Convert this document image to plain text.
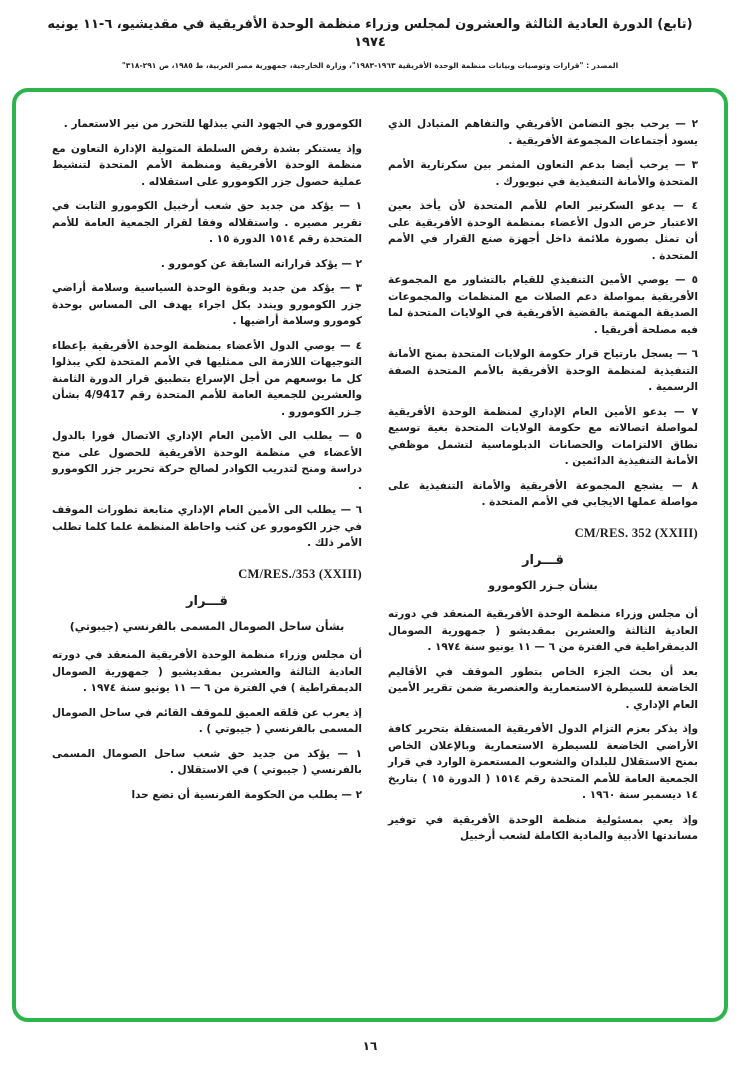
(تابع) الدورة العادية الثالثة والعشرون لمجلس وزراء منظمة الوحدة الأفريقية في مقديشيو، ٦-١١ يونيه ١٩٧٤
المصدر : "قرارات وتوصيات وبيانات منظمة الوحدة الأفريقية ١٩٦٣-١٩٨٣"، وزارة الخارجية، جمهورية مصر العربية، ط ١٩٨٥، ص ٢٩١-٣١٨"

٢ — يرحب بجو التضامن الأفريقي والتفاهم المتبادل الذي يسود أجتماعات المجموعة الأفريقية .

٣ — يرحب أيضا بدعم التعاون المثمر بين سكرتارية الأمم المتحدة والأمانة التنفيذية في نيويورك .

٤ — يدعو السكرتير العام للأمم المتحدة لأن يأخذ بعين الاعتبار حرص الدول الأعضاء بمنظمة الوحدة الأفريقية على أن تمثل بصورة ملائمة داخل أجهزة صنع القرار في الأمم المتحدة .

٥ — يوصي الأمين التنفيذي للقيام بالتشاور مع المجموعة الأفريقية بمواصلة دعم الصلات مع المنظمات والمجموعات الصديقة المهتمة بالقضية الأفريقية في الولايات المتحدة لما فيه مصلحة أفريقيا .

٦ — يسجل بارتياح قرار حكومة الولايات المتحدة بمنح الأمانة التنفيذية لمنظمة الوحدة الأفريقية بالأمم المتحدة الصفة الرسمية .

٧ — يدعو الأمين العام الإداري لمنظمة الوحدة الأفريقية لمواصلة اتصالاته مع حكومة الولايات المتحدة بغية توسيع نطاق الالتزامات والحصانات الدبلوماسية لتشمل موظفي الأمانة التنفيذية الدائمين .

٨ — يشجع المجموعة الأفريقية والأمانة التنفيذية على مواصلة عملها الايجابي في الأمم المتحدة .

CM/RES. 352 (XXIII)
قـــرار
بشأن جـزر الكومورو

أن مجلس وزراء منظمة الوحدة الأفريقية المنعقد في دورته العادية الثالثة والعشرين بمقديشو ( جمهورية الصومال الديمقراطية في الفترة من ٦ — ١١ يونيو سنة ١٩٧٤ .

بعد أن بحث الجزء الخاص بتطور الموقف في الأقاليم الخاضعة للسيطرة الاستعمارية والعنصرية ضمن تقرير الأمين العام الإداري .

وإذ يذكر بعزم التزام الدول الأفريقية المستقلة بتحرير كافة الأراضي الخاضعة للسيطرة الاستعمارية وبالإعلان الخاص بمنح الاستقلال للبلدان والشعوب المستعمرة الوارد في قرار الجمعية العامة للأمم المتحدة رقم ١٥١٤ ( الدورة ١٥ ) بتاريخ ١٤ ديسمبر سنة ١٩٦٠ .

وإذ يعي بمسئولية منظمة الوحدة الأفريقية في توفير مساندتها الأدبية والمادية الكاملة لشعب أرخبيل

الكومورو في الجهود التي يبذلها للتحرر من نير الاستعمار .

وإذ يستنكر بشدة رفض السلطة المتولية الإدارة التعاون مع منظمة الوحدة الأفريقية ومنظمة الأمم المتحدة لتنشيط عملية حصول جزر الكومورو على استقلاله .

١ — يؤكد من جديد حق شعب أرخبيل الكومورو الثابت في تقرير مصيره . واستقلاله وفقا لقرار الجمعية العامة للأمم المتحدة رقم ١٥١٤ الدورة ١٥ .

٢ — يؤكد قراراته السابقة عن كومورو .

٣ — يؤكد من جديد وبقوة الوحدة السياسية وسلامة أراضي جزر الكومورو ويندد بكل اجراء يهدف الى المساس بوحدة كومورو وسلامة أراضيها .

٤ — يوصي الدول الأعضاء بمنظمة الوحدة الأفريقية بإعطاء التوجيهات اللازمة الى ممثليها في الأمم المتحدة لكي يبذلوا كل ما بوسعهم من أجل الإسراع بتطبيق قرار الدورة الثامنة والعشرين للجمعية العامة للأمم المتحدة رقم 4/9417 بشأن جـزر الكومورو .

٥ — يطلب الى الأمين العام الإداري الاتصال فورا بالدول الأعضاء في منظمة الوحدة الأفريقية للحصول على منح دراسة ومنح لتدريب الكوادر لصالح حركة تحرير جزر الكومورو .

٦ — يطلب الى الأمين العام الإداري متابعة تطورات الموقف في جزر الكومورو عن كثب واحاطة المنظمة علما كلما تطلب الأمر ذلك .

CM/RES./353 (XXIII)
قـــرار
بشأن ساحل الصومال المسمى بالفرنسي (جيبوتي)

أن مجلس وزراء منظمة الوحدة الأفريقية المنعقد في دورته العادية الثالثة والعشرين بمقديشيو ( جمهورية الصومال الديمقراطية ) في الفترة من ٦ — ١١ يونيو سنة ١٩٧٤ .

إذ يعرب عن قلقه العميق للموقف القائم في ساحل الصومال المسمى بالفرنسي ( جيبوتي ) .

١ — يؤكد من جديد حق شعب ساحل الصومال المسمى بالفرنسي ( جيبوتي ) في الاستقلال .

٢ — يطلب من الحكومة الفرنسية أن تضع حدا

١٦
